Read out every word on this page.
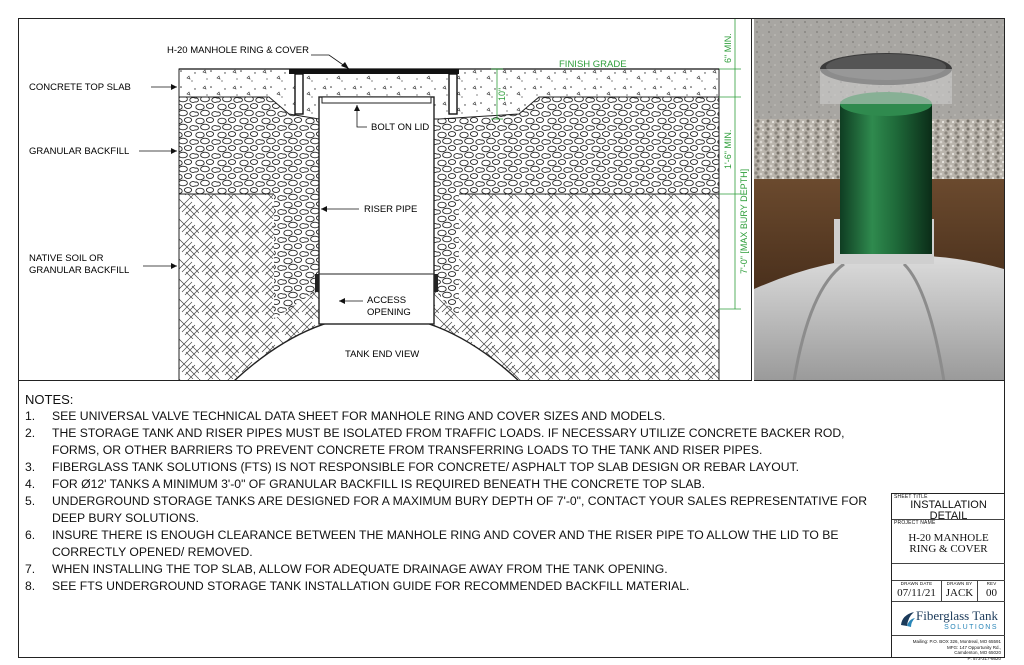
CONCRETE TOP SLAB
GRANULAR BACKFILL
NATIVE SOIL OR
GRANULAR BACKFILL
H-20 MANHOLE RING & COVER
FINISH GRADE
BOLT ON LID
RISER PIPE
ACCESS
OPENING
TANK END VIEW
10"
6" MIN.
1'-6" MIN.
7'-0" [MAX BURY DEPTH]
NOTES:
1. SEE UNIVERSAL VALVE TECHNICAL DATA SHEET FOR MANHOLE RING AND COVER SIZES AND MODELS.
2. THE STORAGE TANK AND RISER PIPES MUST BE ISOLATED FROM TRAFFIC LOADS. IF NECESSARY UTILIZE CONCRETE BACKER ROD, FORMS, OR OTHER BARRIERS TO PREVENT CONCRETE FROM TRANSFERRING LOADS TO THE TANK AND RISER PIPES.
3. FIBERGLASS TANK SOLUTIONS (FTS) IS NOT RESPONSIBLE FOR CONCRETE/ ASPHALT TOP SLAB DESIGN OR REBAR LAYOUT.
4. FOR Ø12' TANKS A MINIMUM 3'-0" OF GRANULAR BACKFILL IS REQUIRED BENEATH THE CONCRETE TOP SLAB.
5. UNDERGROUND STORAGE TANKS ARE DESIGNED FOR A MAXIMUM BURY DEPTH OF 7'-0", CONTACT YOUR SALES REPRESENTATIVE FOR DEEP BURY SOLUTIONS.
6. INSURE THERE IS ENOUGH CLEARANCE BETWEEN THE MANHOLE RING AND COVER AND THE RISER PIPE TO ALLOW THE LID TO BE CORRECTLY OPENED/ REMOVED.
7. WHEN INSTALLING THE TOP SLAB, ALLOW FOR ADEQUATE DRAINAGE AWAY FROM THE TANK OPENING.
8. SEE FTS UNDERGROUND STORAGE TANK INSTALLATION GUIDE FOR RECOMMENDED BACKFILL MATERIAL.
SHEET TITLE
INSTALLATION
DETAIL
PROJECT NAME
H-20 MANHOLE
RING & COVER
DRAWN DATE
07/11/21
DRAWN BY
JACK
REV
00
Fiberglass Tank
SOLUTIONS
Mailing: P.O. BOX 326, Montreal, MO 65591
MFG: 147 Opportunity Rd.,
Camdenton, MO 65020
P: 573-317-6620
